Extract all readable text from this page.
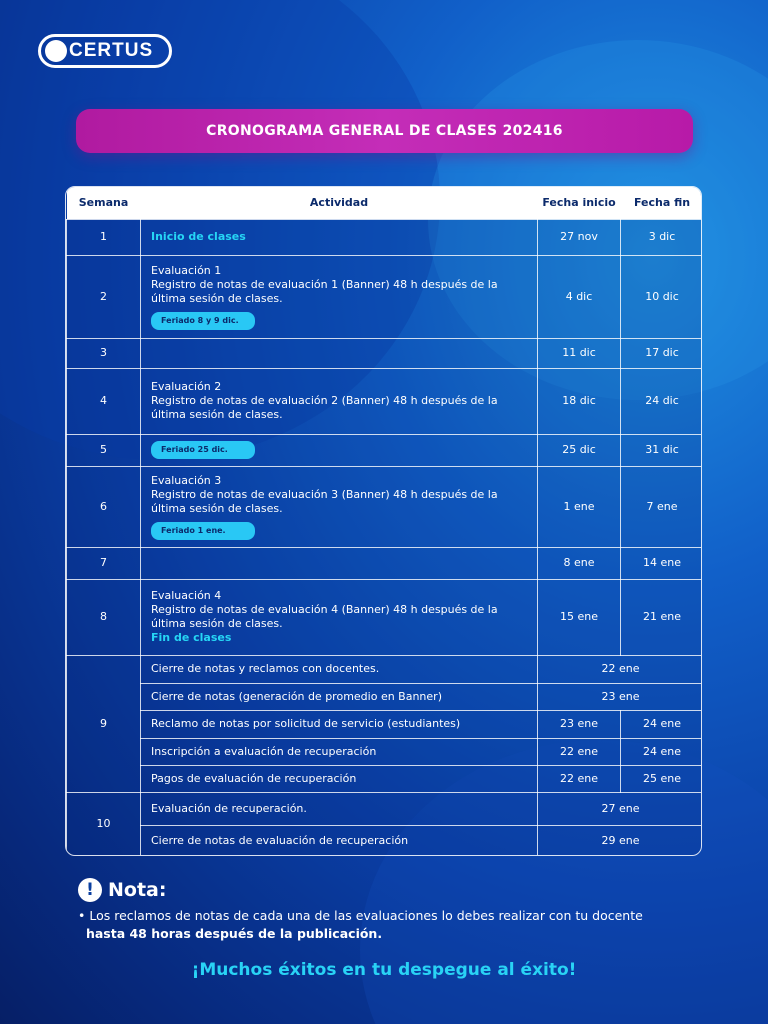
CERTUS
CRONOGRAMA GENERAL DE CLASES 202416
Semana	Actividad	Fecha inicio	Fecha fin
1	Inicio de clases	27 nov	3 dic
2	Evaluación 1
Registro de notas de evaluación 1 (Banner) 48 h después de la última sesión de clases.
Feriado 8 y 9 dic.	4 dic	10 dic
3		11 dic	17 dic
4	Evaluación 2
Registro de notas de evaluación 2 (Banner) 48 h después de la última sesión de clases.	18 dic	24 dic
5	Feriado 25 dic.	25 dic	31 dic
6	Evaluación 3
Registro de notas de evaluación 3 (Banner) 48 h después de la última sesión de clases.
Feriado 1 ene.	1 ene	7 ene
7		8 ene	14 ene
8	Evaluación 4
Registro de notas de evaluación 4 (Banner) 48 h después de la última sesión de clases.
Fin de clases	15 ene	21 ene
9	Cierre de notas y reclamos con docentes.	22 ene	
	Cierre de notas (generación de promedio en Banner)	23 ene	
	Reclamo de notas por solicitud de servicio (estudiantes)	23 ene	24 ene
	Inscripción a evaluación de recuperación	22 ene	24 ene
	Pagos de evaluación de recuperación	22 ene	25 ene
10	Evaluación de recuperación.	27 ene	
	Cierre de notas de evaluación de recuperación	29 ene	
! Nota:
• Los reclamos de notas de cada una de las evaluaciones lo debes realizar con tu docente
hasta 48 horas después de la publicación.
¡Muchos éxitos en tu despegue al éxito!
